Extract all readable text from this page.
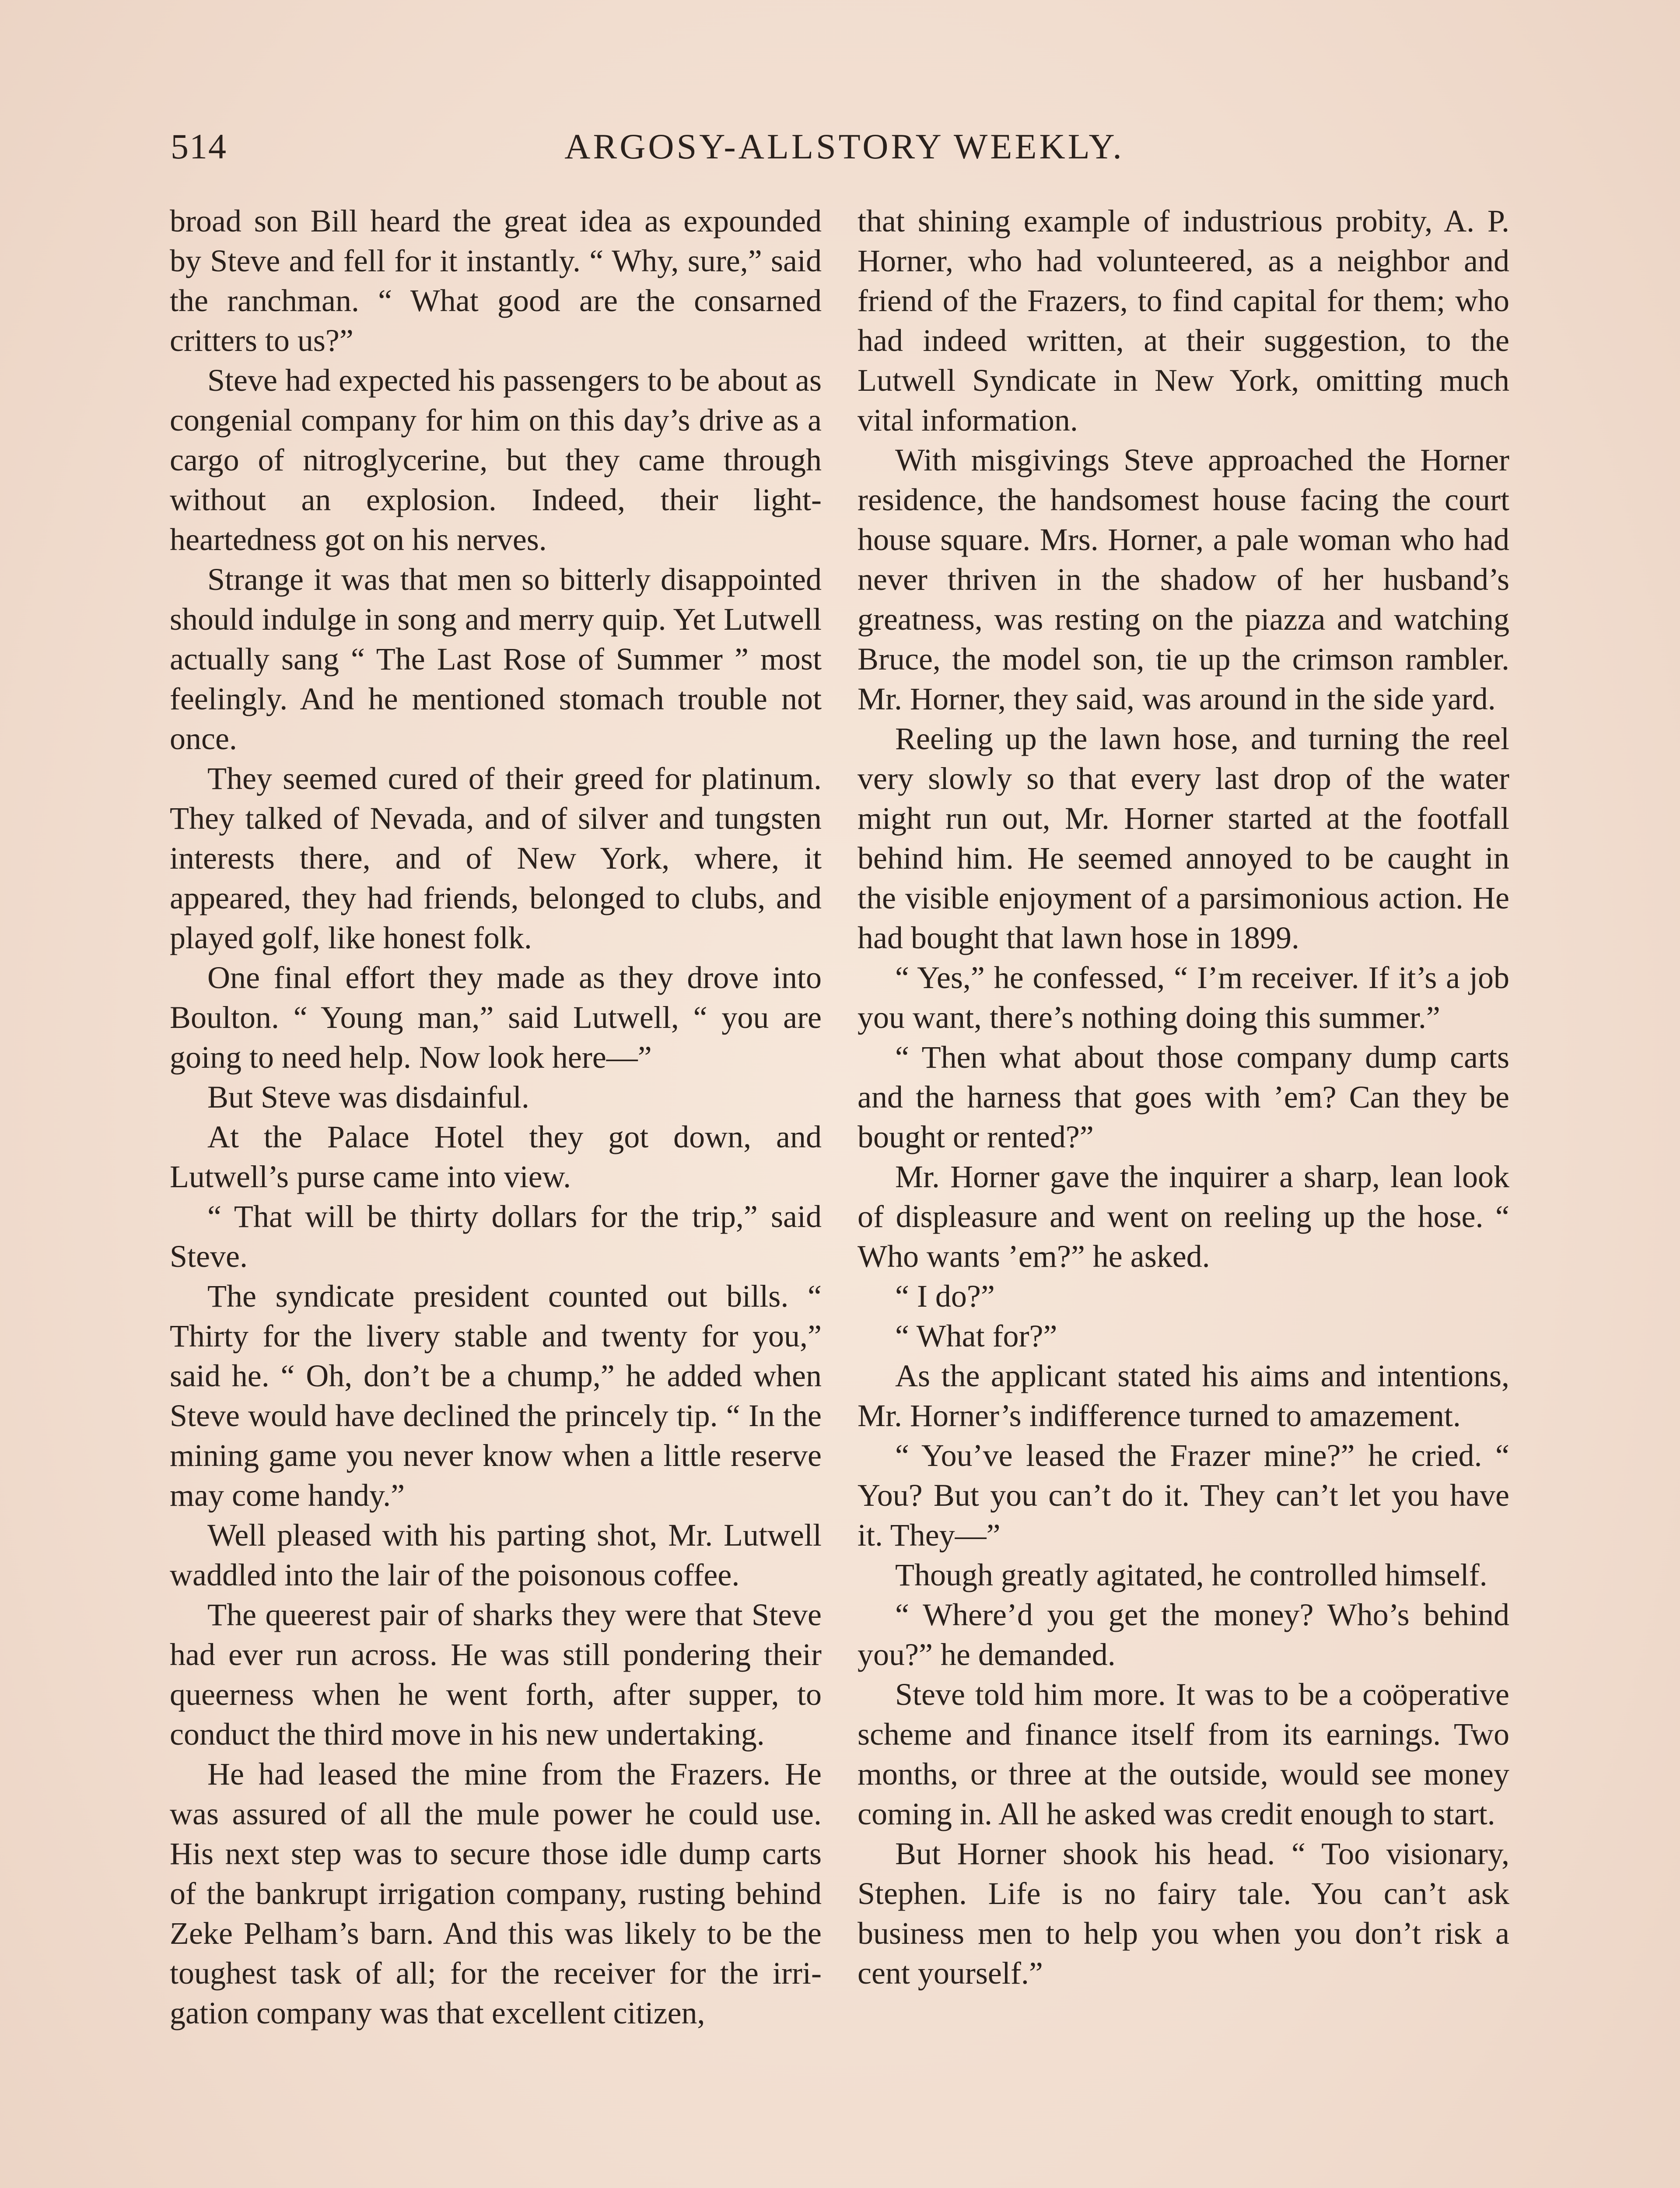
514	ARGOSY-ALLSTORY WEEKLY.

broad son Bill heard the great idea as expounded by Steve and fell for it instantly. “ Why, sure,” said the ranchman. “ What good are the consarned critters to us?”

Steve had expected his passengers to be about as congenial company for him on this day’s drive as a cargo of nitroglycerine, but they came through without an explosion. Indeed, their light-heartedness got on his nerves.

Strange it was that men so bitterly disappointed should indulge in song and merry quip. Yet Lutwell actually sang “ The Last Rose of Summer ” most feelingly. And he mentioned stomach trouble not once.

They seemed cured of their greed for platinum. They talked of Nevada, and of silver and tungsten interests there, and of New York, where, it appeared, they had friends, belonged to clubs, and played golf, like honest folk.

One final effort they made as they drove into Boulton. “ Young man,” said Lutwell, “ you are going to need help. Now look here—”

But Steve was disdainful.

At the Palace Hotel they got down, and Lutwell’s purse came into view.

“ That will be thirty dollars for the trip,” said Steve.

The syndicate president counted out bills. “ Thirty for the livery stable and twenty for you,” said he. “ Oh, don’t be a chump,” he added when Steve would have declined the princely tip. “ In the mining game you never know when a little reserve may come handy.”

Well pleased with his parting shot, Mr. Lutwell waddled into the lair of the poisonous coffee.

The queerest pair of sharks they were that Steve had ever run across. He was still pondering their queerness when he went forth, after supper, to conduct the third move in his new undertaking.

He had leased the mine from the Frazers. He was assured of all the mule power he could use. His next step was to secure those idle dump carts of the bankrupt irrigation company, rusting behind Zeke Pelham’s barn. And this was likely to be the toughest task of all; for the receiver for the irrigation company was that excellent citizen,

that shining example of industrious probity, A. P. Horner, who had volunteered, as a neighbor and friend of the Frazers, to find capital for them; who had indeed written, at their suggestion, to the Lutwell Syndicate in New York, omitting much vital information.

With misgivings Steve approached the Horner residence, the handsomest house facing the court house square. Mrs. Horner, a pale woman who had never thriven in the shadow of her husband’s greatness, was resting on the piazza and watching Bruce, the model son, tie up the crimson rambler. Mr. Horner, they said, was around in the side yard.

Reeling up the lawn hose, and turning the reel very slowly so that every last drop of the water might run out, Mr. Horner started at the footfall behind him. He seemed annoyed to be caught in the visible enjoyment of a parsimonious action. He had bought that lawn hose in 1899.

“ Yes,” he confessed, “ I’m receiver. If it’s a job you want, there’s nothing doing this summer.”

“ Then what about those company dump carts and the harness that goes with ’em? Can they be bought or rented?”

Mr. Horner gave the inquirer a sharp, lean look of displeasure and went on reeling up the hose. “ Who wants ’em?” he asked.

“ I do?”

“ What for?”

As the applicant stated his aims and intentions, Mr. Horner’s indifference turned to amazement.

“ You’ve leased the Frazer mine?” he cried. “ You? But you can’t do it. They can’t let you have it. They—”

Though greatly agitated, he controlled himself.

“ Where’d you get the money? Who’s behind you?” he demanded.

Steve told him more. It was to be a coöperative scheme and finance itself from its earnings. Two months, or three at the outside, would see money coming in. All he asked was credit enough to start.

But Horner shook his head. “ Too visionary, Stephen. Life is no fairy tale. You can’t ask business men to help you when you don’t risk a cent yourself.”
